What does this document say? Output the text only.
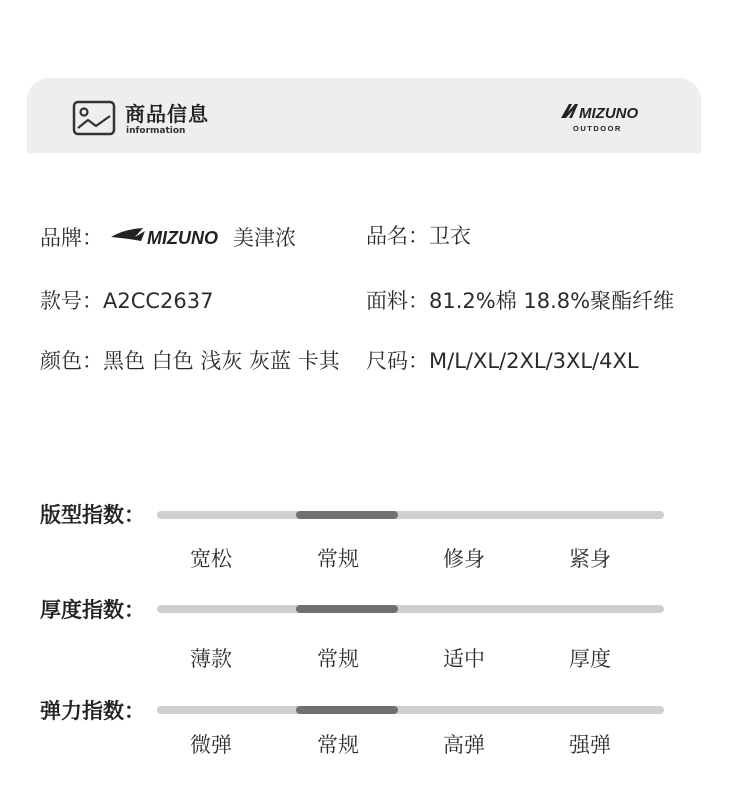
商品信息
information
MIZUNO
OUTDOOR
品牌： MIZUNO 美津浓	品名：卫衣
款号：A2CC2637	面料：81.2%棉 18.8%聚酯纤维
颜色：黑色 白色 浅灰 灰蓝 卡其 尺码：M/L/XL/2XL/3XL/4XL
版型指数：
宽松	常规	修身	紧身
厚度指数：
薄款	常规	适中	厚度
弹力指数：
微弹	常规	高弹	强弹
